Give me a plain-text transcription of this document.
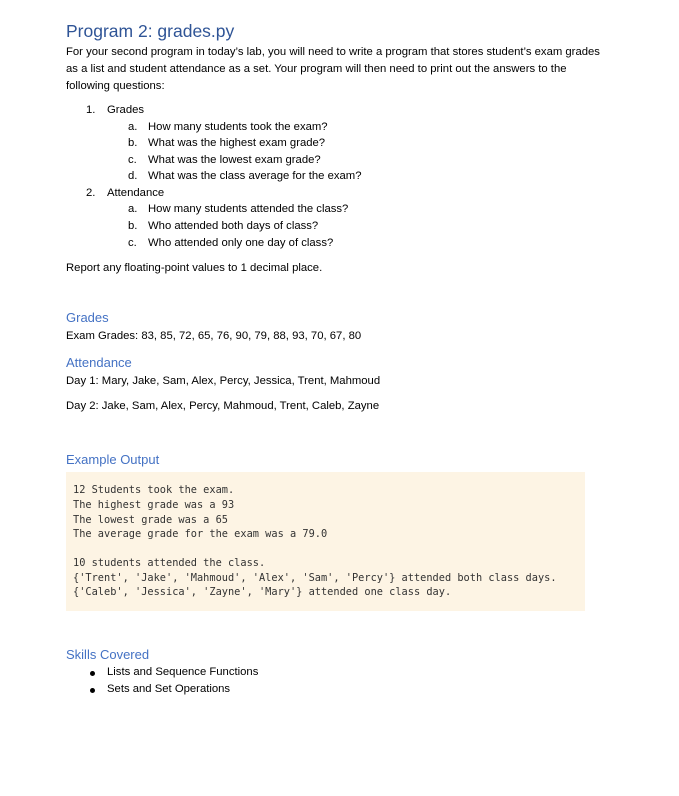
Program 2: grades.py
For your second program in today’s lab, you will need to write a program that stores student’s exam grades as a list and student attendance as a set. Your program will then need to print out the answers to the following questions:
1. Grades
a. How many students took the exam?
b. What was the highest exam grade?
c. What was the lowest exam grade?
d. What was the class average for the exam?
2. Attendance
a. How many students attended the class?
b. Who attended both days of class?
c. Who attended only one day of class?
Report any floating-point values to 1 decimal place.
Grades
Exam Grades: 83, 85, 72, 65, 76, 90, 79, 88, 93, 70, 67, 80
Attendance
Day 1: Mary, Jake, Sam, Alex, Percy, Jessica, Trent, Mahmoud
Day 2: Jake, Sam, Alex, Percy, Mahmoud, Trent, Caleb, Zayne
Example Output
12 Students took the exam.
The highest grade was a 93
The lowest grade was a 65
The average grade for the exam was a 79.0
10 students attended the class.
{'Trent', 'Jake', 'Mahmoud', 'Alex', 'Sam', 'Percy'} attended both class days.
{'Caleb', 'Jessica', 'Zayne', 'Mary'} attended one class day.
Skills Covered
Lists and Sequence Functions
Sets and Set Operations
